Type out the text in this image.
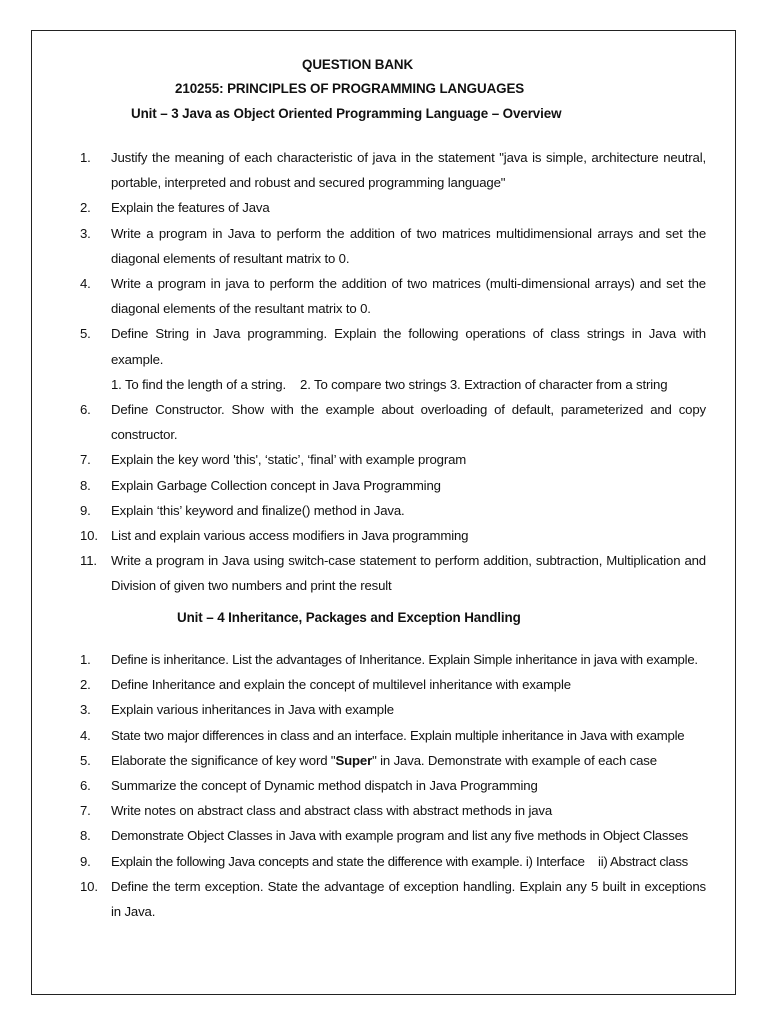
QUESTION BANK
210255: PRINCIPLES OF PROGRAMMING LANGUAGES
Unit – 3 Java as Object Oriented Programming Language – Overview
1.	Justify the meaning of each characteristic of java in the statement "java is simple, architecture neutral, portable, interpreted and robust and secured programming language"
2.	Explain the features of Java
3.	Write a program in Java to perform the addition of two matrices multidimensional arrays and set the diagonal elements of resultant matrix to 0.
4.	Write a program in java to perform the addition of two matrices (multi-dimensional arrays) and set the diagonal elements of the resultant matrix to 0.
5.	Define String in Java programming. Explain the following operations of class strings in Java with example.
1. To find the length of a string.    2. To compare two strings 3. Extraction of character from a string
6.	Define Constructor. Show with the example about overloading of default, parameterized and copy constructor.
7.	Explain the key word 'this', ‘static’, ‘final’ with example program
8.	Explain Garbage Collection concept in Java Programming
9.	Explain ‘this’ keyword and finalize() method in Java.
10. List and explain various access modifiers in Java programming
11.	Write a program in Java using switch-case statement to perform addition, subtraction, Multiplication and Division of given two numbers and print the result
Unit – 4 Inheritance, Packages and Exception Handling
1.	Define is inheritance. List the advantages of Inheritance. Explain Simple inheritance in java with example.
2.	Define Inheritance and explain the concept of multilevel inheritance with example
3.	Explain various inheritances in Java with example
4.	State two major differences in class and an interface. Explain multiple inheritance in Java with example
5.	Elaborate the significance of key word "Super" in Java. Demonstrate with example of each case
6.	Summarize the concept of Dynamic method dispatch in Java Programming
7.	Write notes on abstract class and abstract class with abstract methods in java
8.	Demonstrate Object Classes in Java with example program and list any five methods in Object Classes
9.	Explain the following Java concepts and state the difference with example. i) Interface    ii) Abstract class
10. Define the term exception. State the advantage of exception handling. Explain any 5 built in exceptions in Java.
